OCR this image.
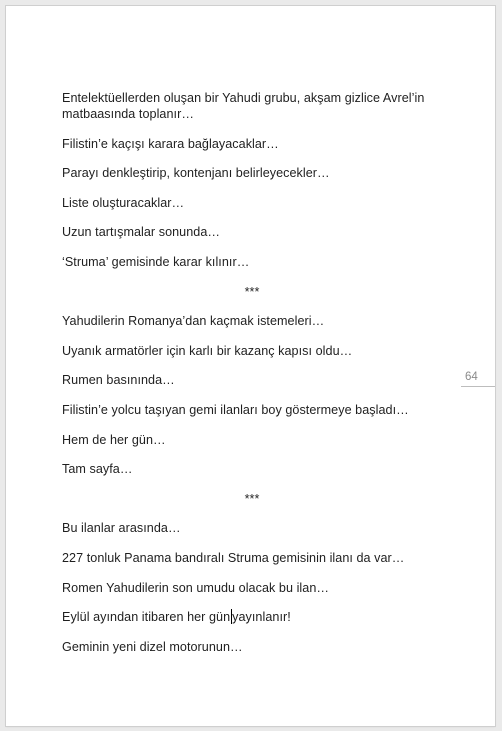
Entelektüellerden oluşan bir Yahudi grubu, akşam gizlice Avrel’in matbaasında toplanır…

Filistin’e kaçışı karara bağlayacaklar…

Parayı denkleştirip, kontenjanı belirleyecekler…

Liste oluşturacaklar…

Uzun tartışmalar sonunda…

‘Struma’ gemisinde karar kılınır…

***

Yahudilerin Romanya’dan kaçmak istemeleri…

Uyanık armatörler için karlı bir kazanç kapısı oldu…

Rumen basınında…

Filistin’e yolcu taşıyan gemi ilanları boy göstermeye başladı…

Hem de her gün…

Tam sayfa…

***

Bu ilanlar arasında…

227 tonluk Panama bandıralı Struma gemisinin ilanı da var…

Romen Yahudilerin son umudu olacak bu ilan…

Eylül ayından itibaren her gün yayınlanır!

Geminin yeni dizel motorunun…

64
